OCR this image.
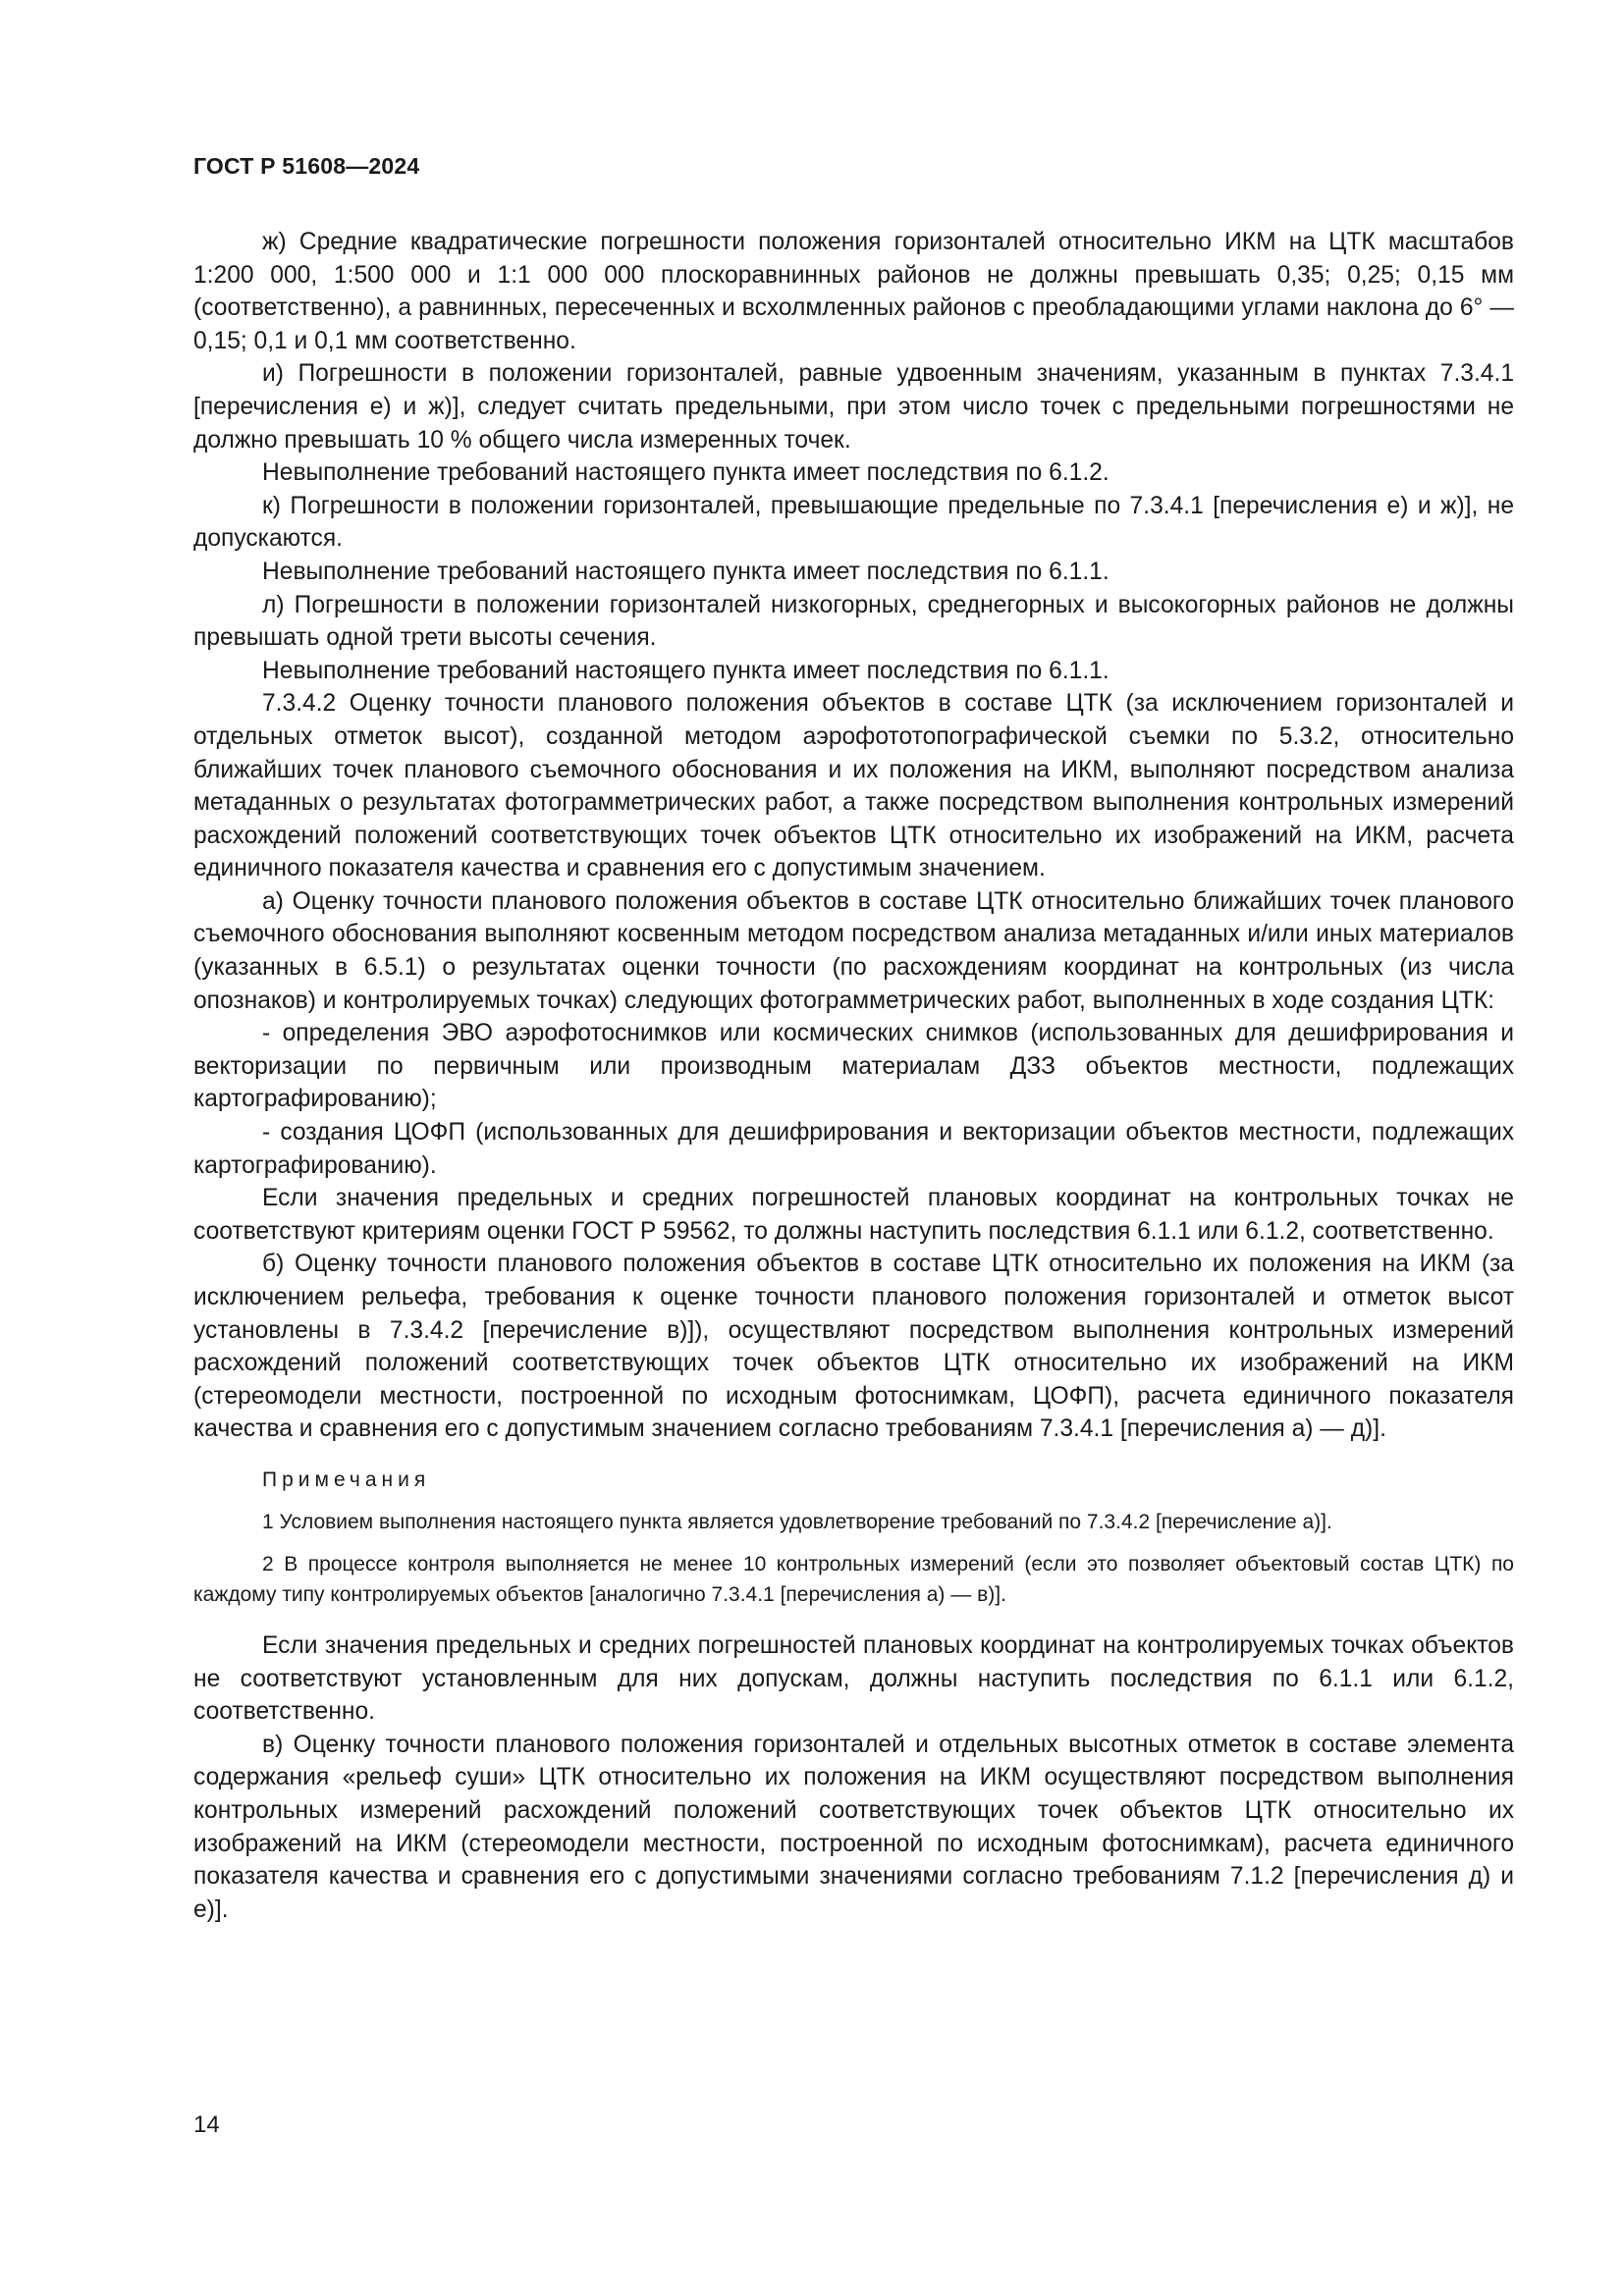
ГОСТ Р 51608—2024

ж) Средние квадратические погрешности положения горизонталей относительно ИКМ на ЦТК масштабов 1:200 000, 1:500 000 и 1:1 000 000 плоскоравнинных районов не должны превышать 0,35; 0,25; 0,15 мм (соответственно), а равнинных, пересеченных и всхолмленных районов с преобладающими углами наклона до 6° — 0,15; 0,1 и 0,1 мм соответственно.

и) Погрешности в положении горизонталей, равные удвоенным значениям, указанным в пунктах 7.3.4.1 [перечисления е) и ж)], следует считать предельными, при этом число точек с предельными погрешностями не должно превышать 10 % общего числа измеренных точек.

Невыполнение требований настоящего пункта имеет последствия по 6.1.2.

к) Погрешности в положении горизонталей, превышающие предельные по 7.3.4.1 [перечисления е) и ж)], не допускаются.

Невыполнение требований настоящего пункта имеет последствия по 6.1.1.

л) Погрешности в положении горизонталей низкогорных, среднегорных и высокогорных районов не должны превышать одной трети высоты сечения.

Невыполнение требований настоящего пункта имеет последствия по 6.1.1.

7.3.4.2 Оценку точности планового положения объектов в составе ЦТК (за исключением горизонталей и отдельных отметок высот), созданной методом аэрофототопографической съемки по 5.3.2, относительно ближайших точек планового съемочного обоснования и их положения на ИКМ, выполняют посредством анализа метаданных о результатах фотограмметрических работ, а также посредством выполнения контрольных измерений расхождений положений соответствующих точек объектов ЦТК относительно их изображений на ИКМ, расчета единичного показателя качества и сравнения его с допустимым значением.

а) Оценку точности планового положения объектов в составе ЦТК относительно ближайших точек планового съемочного обоснования выполняют косвенным методом посредством анализа метаданных и/или иных материалов (указанных в 6.5.1) о результатах оценки точности (по расхождениям координат на контрольных (из числа опознаков) и контролируемых точках) следующих фотограмметрических работ, выполненных в ходе создания ЦТК:

- определения ЭВО аэрофотоснимков или космических снимков (использованных для дешифрирования и векторизации по первичным или производным материалам ДЗЗ объектов местности, подлежащих картографированию);

- создания ЦОФП (использованных для дешифрирования и векторизации объектов местности, подлежащих картографированию).

Если значения предельных и средних погрешностей плановых координат на контрольных точках не соответствуют критериям оценки ГОСТ Р 59562, то должны наступить последствия 6.1.1 или 6.1.2, соответственно.

б) Оценку точности планового положения объектов в составе ЦТК относительно их положения на ИКМ (за исключением рельефа, требования к оценке точности планового положения горизонталей и отметок высот установлены в 7.3.4.2 [перечисление в)]), осуществляют посредством выполнения контрольных измерений расхождений положений соответствующих точек объектов ЦТК относительно их изображений на ИКМ (стереомодели местности, построенной по исходным фотоснимкам, ЦОФП), расчета единичного показателя качества и сравнения его с допустимым значением согласно требованиям 7.3.4.1 [перечисления а) — д)].

Примечания

1 Условием выполнения настоящего пункта является удовлетворение требований по 7.3.4.2 [перечисление а)].

2 В процессе контроля выполняется не менее 10 контрольных измерений (если это позволяет объектовый состав ЦТК) по каждому типу контролируемых объектов [аналогично 7.3.4.1 [перечисления а) — в)].

Если значения предельных и средних погрешностей плановых координат на контролируемых точках объектов не соответствуют установленным для них допускам, должны наступить последствия по 6.1.1 или 6.1.2, соответственно.

в) Оценку точности планового положения горизонталей и отдельных высотных отметок в составе элемента содержания «рельеф суши» ЦТК относительно их положения на ИКМ осуществляют посредством выполнения контрольных измерений расхождений положений соответствующих точек объектов ЦТК относительно их изображений на ИКМ (стереомодели местности, построенной по исходным фотоснимкам), расчета единичного показателя качества и сравнения его с допустимыми значениями согласно требованиям 7.1.2 [перечисления д) и е)].

14
